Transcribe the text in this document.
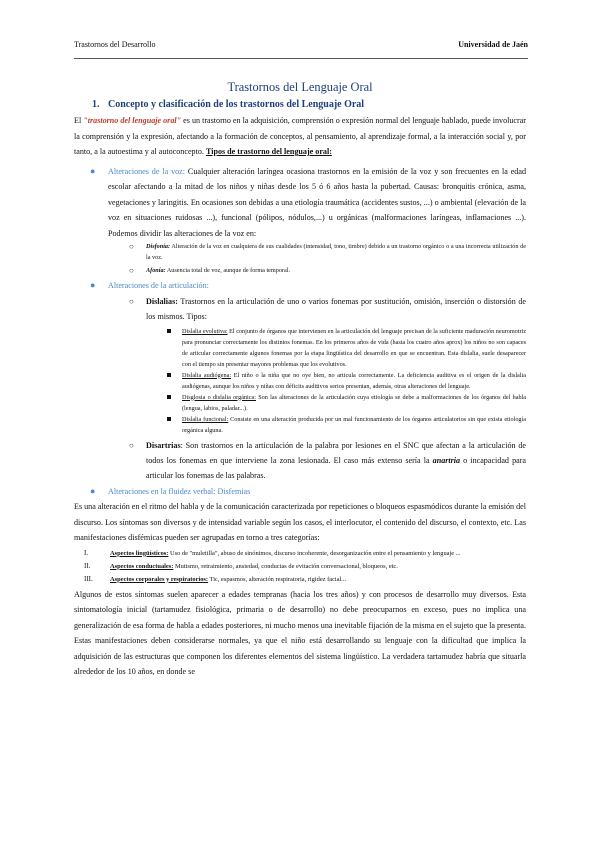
Trastornos del Desarrollo	Universidad de Jaén
Trastornos del Lenguaje Oral
1. Concepto y clasificación de los trastornos del Lenguaje Oral

El "trastorno del lenguaje oral" es un trastorno en la adquisición, comprensión o expresión normal del lenguaje hablado, puede involucrar la comprensión y la expresión, afectando a la formación de conceptos, al pensamiento, al aprendizaje formal, a la interacción social y, por tanto, a la autoestima y al autoconcepto. Tipos de trastorno del lenguaje oral:

● Alteraciones de la voz: Cualquier alteración laríngea ocasiona trastornos en la emisión de la voz y son frecuentes en la edad escolar afectando a la mitad de los niños y niñas desde los 5 ó 6 años hasta la pubertad. Causas: bronquitis crónica, asma, vegetaciones y laringitis. En ocasiones son debidas a una etiología traumática (accidentes sustos, ...) o ambiental (elevación de la voz en situaciones ruidosas ...), funcional (pólipos, nódulos,...) u orgánicas (malformaciones laríngeas, inflamaciones ...). Podemos dividir las alteraciones de la voz en:
○ Disfonía: Alteración de la voz en cualquiera de sus cualidades (intensidad, tono, timbre) debido a un trastorno orgánico o a una incorrecta utilización de la voz.
○ Afonía: Ausencia total de voz, aunque de forma temporal.
● Alteraciones de la articulación:
○ Dislalias: Trastornos en la articulación de uno o varios fonemas por sustitución, omisión, inserción o distorsión de los mismos. Tipos:
Dislalia evolutiva: El conjunto de órganos que intervienen en la articulación del lenguaje precisan de la suficiente maduración neuromotriz para pronunciar correctamente los distintos fonemas. En los primeros años de vida (hasta los cuatro años aprox) los niños no son capaces de articular correctamente algunos fonemas por la etapa lingüística del desarrollo en que se encuentran. Esta dislalia, suele desaparecer con el tiempo sin presentar mayores problemas que los evolutivos.
Dislalia audiógena: El niño o la niña que no oye bien, no articula correctamente. La deficiencia auditiva es el origen de la dislalia audiógenas, aunque los niños y niñas con déficits auditivos serios presentan, además, otras alteraciones del lenguaje.
Disglosia o dislalia orgánica: Son las alteraciones de la articulación cuya etiología se debe a malformaciones de los órganos del habla (lengua, labios, paladar...).
Dislalia funcional: Consiste en una alteración producida por un mal funcionamiento de los órganos articulatorios sin que exista etiología orgánica alguna.
○ Disartrias: Son trastornos en la articulación de la palabra por lesiones en el SNC que afectan a la articulación de todos los fonemas en que interviene la zona lesionada. El caso más extenso sería la anartria o incapacidad para articular los fonemas de las palabras.
● Alteraciones en la fluidez verbal: Disfemias

Es una alteración en el ritmo del habla y de la comunicación caracterizada por repeticiones o bloqueos espasmódicos durante la emisión del discurso. Los síntomas son diversos y de intensidad variable según los casos, el interlocutor, el contenido del discurso, el contexto, etc. Las manifestaciones disfémicas pueden ser agrupadas en torno a tres categorías:

I.	Aspectos lingüísticos: Uso de "muletilla", abuso de sinónimos, discurso incoherente, desorganización entre el pensamiento y lenguaje ...
II.	Aspectos conductuales: Mutismo, retraimiento, ansiedad, conductas de evitación conversacional, bloqueos, etc.
III.	Aspectos corporales y respiratorios: Tic, espasmos, alteración respiratoria, rigidez facial...

Algunos de estos síntomas suelen aparecer a edades tempranas (hacia los tres años) y con procesos de desarrollo muy diversos. Esta sintomatología inicial (tartamudez fisiológica, primaria o de desarrollo) no debe preocuparnos en exceso, pues no implica una generalización de esa forma de habla a edades posteriores, ni mucho menos una inevitable fijación de la misma en el sujeto que la presenta. Estas manifestaciones deben considerarse normales, ya que el niño está desarrollando su lenguaje con la dificultad que implica la adquisición de las estructuras que componen los diferentes elementos del sistema lingüístico. La verdadera tartamudez habría que situarla alrededor de los 10 años, en donde se
